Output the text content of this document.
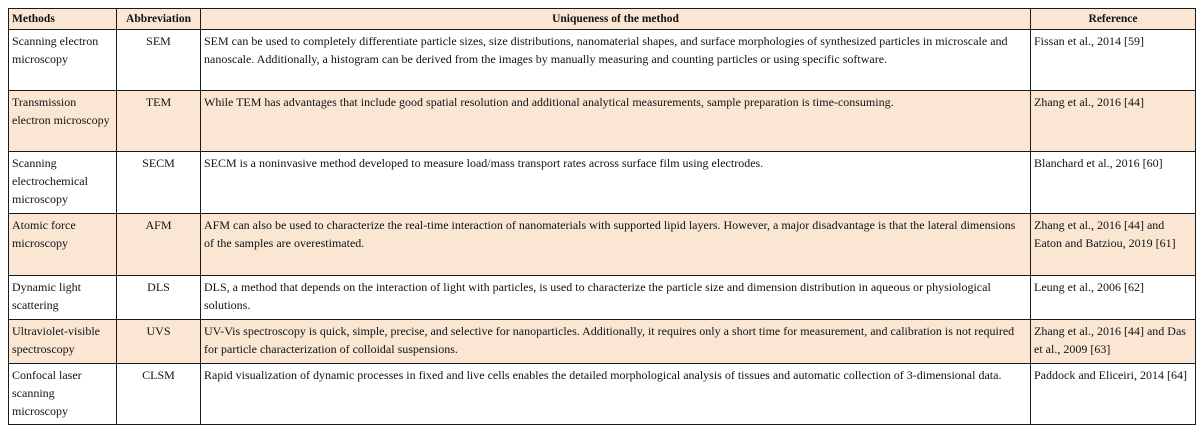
Methods	Abbreviation	Uniqueness of the method	Reference
Scanning electron microscopy	SEM	SEM can be used to completely differentiate particle sizes, size distributions, nanomaterial shapes, and surface morphologies of synthesized particles in microscale and nanoscale. Additionally, a histogram can be derived from the images by manually measuring and counting particles or using specific software.	Fissan et al., 2014 [59]
Transmission electron microscopy	TEM	While TEM has advantages that include good spatial resolution and additional analytical measurements, sample preparation is time-consuming.	Zhang et al., 2016 [44]
Scanning electrochemical microscopy	SECM	SECM is a noninvasive method developed to measure load/mass transport rates across surface film using electrodes.	Blanchard et al., 2016 [60]
Atomic force microscopy	AFM	AFM can also be used to characterize the real-time interaction of nanomaterials with supported lipid layers. However, a major disadvantage is that the lateral dimensions of the samples are overestimated.	Zhang et al., 2016 [44] and Eaton and Batziou, 2019 [61]
Dynamic light scattering	DLS	DLS, a method that depends on the interaction of light with particles, is used to characterize the particle size and dimension distribution in aqueous or physiological solutions.	Leung et al., 2006 [62]
Ultraviolet-visible spectroscopy	UVS	UV-Vis spectroscopy is quick, simple, precise, and selective for nanoparticles. Additionally, it requires only a short time for measurement, and calibration is not required for particle characterization of colloidal suspensions.	Zhang et al., 2016 [44] and Das et al., 2009 [63]
Confocal laser scanning microscopy	CLSM	Rapid visualization of dynamic processes in fixed and live cells enables the detailed morphological analysis of tissues and automatic collection of 3-dimensional data.	Paddock and Eliceiri, 2014 [64]
